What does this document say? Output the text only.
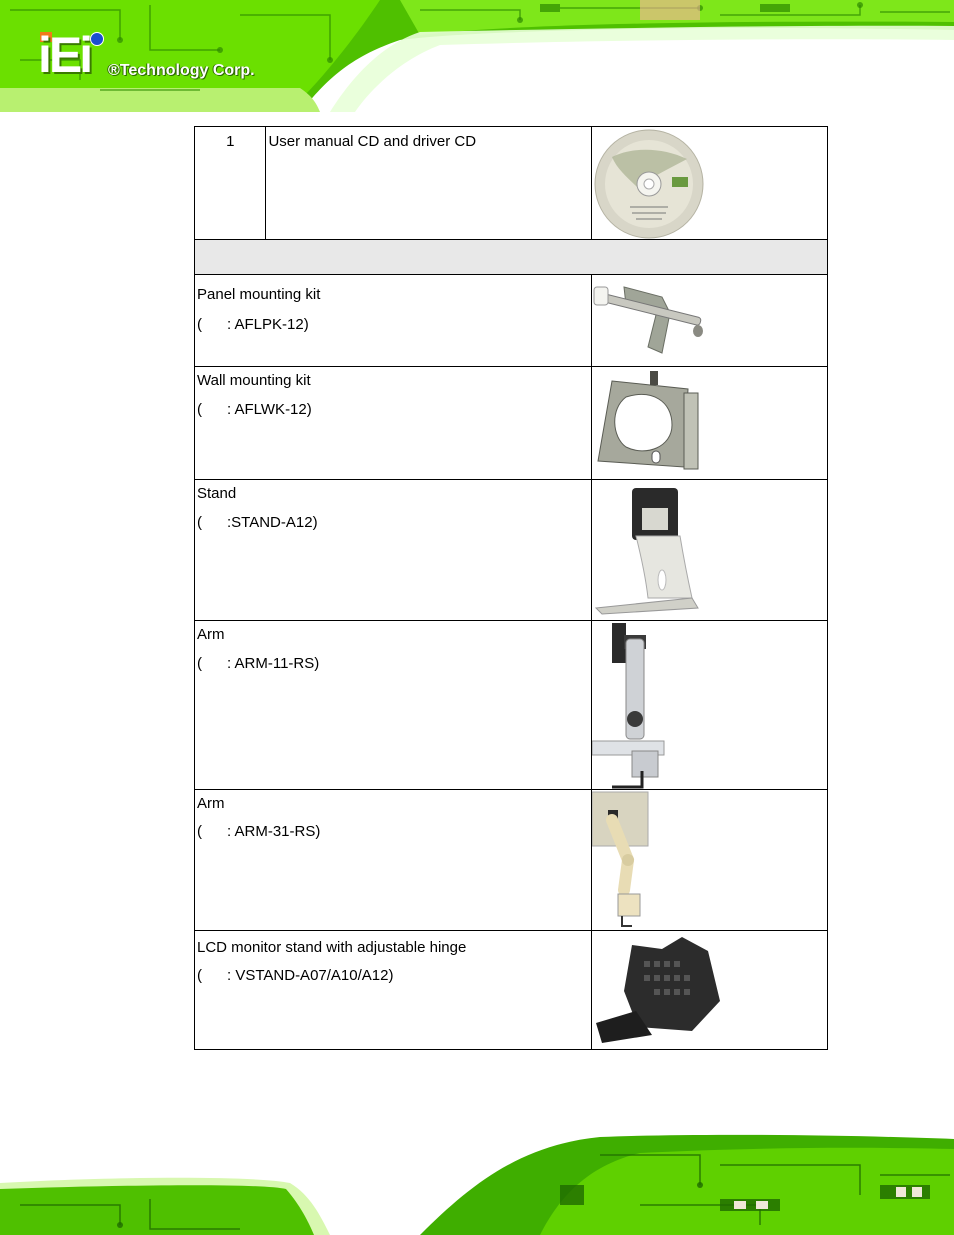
iEi ®Technology Corp.
1	User manual CD and driver CD	

Panel mounting kit
( : AFLPK-12)

Wall mounting kit
( : AFLWK-12)

Stand
( :STAND-A12)

Arm
( : ARM-11-RS)

Arm
( : ARM-31-RS)

LCD monitor stand with adjustable hinge
( : VSTAND-A07/A10/A12)
